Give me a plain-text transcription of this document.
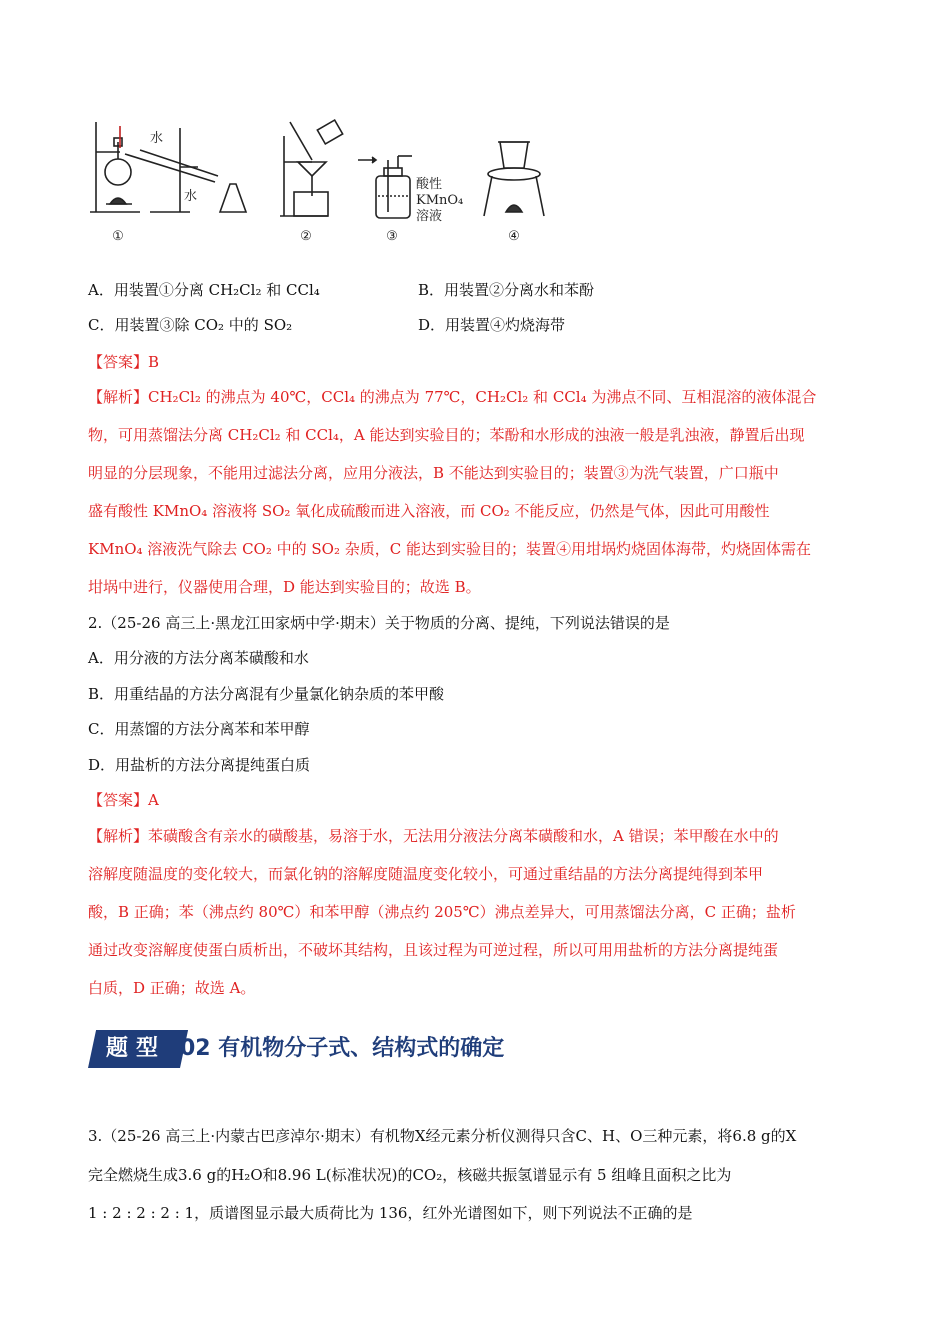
水
水
酸性
KMnO₄
溶液
①	②	③	④
A．用装置①分离 CH₂Cl₂ 和 CCl₄	B．用装置②分离水和苯酚
C．用装置③除 CO₂ 中的 SO₂	D．用装置④灼烧海带
【答案】B
【解析】CH₂Cl₂ 的沸点为 40℃，CCl₄ 的沸点为 77℃，CH₂Cl₂ 和 CCl₄ 为沸点不同、互相混溶的液体混合
物，可用蒸馏法分离 CH₂Cl₂ 和 CCl₄，A 能达到实验目的；苯酚和水形成的浊液一般是乳浊液，静置后出现
明显的分层现象，不能用过滤法分离，应用分液法，B 不能达到实验目的；装置③为洗气装置，广口瓶中
盛有酸性 KMnO₄ 溶液将 SO₂ 氧化成硫酸而进入溶液，而 CO₂ 不能反应，仍然是气体，因此可用酸性
KMnO₄ 溶液洗气除去 CO₂ 中的 SO₂ 杂质，C 能达到实验目的；装置④用坩埚灼烧固体海带，灼烧固体需在
坩埚中进行，仪器使用合理，D 能达到实验目的；故选 B。
2.（25-26 高三上·黑龙江田家炳中学·期末）关于物质的分离、提纯，下列说法错误的是
A．用分液的方法分离苯磺酸和水
B．用重结晶的方法分离混有少量氯化钠杂质的苯甲酸
C．用蒸馏的方法分离苯和苯甲醇
D．用盐析的方法分离提纯蛋白质
【答案】A
【解析】苯磺酸含有亲水的磺酸基，易溶于水，无法用分液法分离苯磺酸和水，A 错误；苯甲酸在水中的
溶解度随温度的变化较大，而氯化钠的溶解度随温度变化较小，可通过重结晶的方法分离提纯得到苯甲
酸，B 正确；苯（沸点约 80℃）和苯甲醇（沸点约 205℃）沸点差异大，可用蒸馏法分离，C 正确；盐析
通过改变溶解度使蛋白质析出，不破坏其结构，且该过程为可逆过程，所以可用用盐析的方法分离提纯蛋
白质，D 正确；故选 A。
题型 02 有机物分子式、结构式的确定
3.（25-26 高三上·内蒙古巴彦淖尔·期末）有机物X经元素分析仪测得只含C、H、O三种元素，将6.8 g的X
完全燃烧生成3.6 g的H₂O和8.96 L(标准状况)的CO₂，核磁共振氢谱显示有 5 组峰且面积之比为
1 : 2 : 2 : 2 : 1，质谱图显示最大质荷比为 136，红外光谱图如下，则下列说法不正确的是
